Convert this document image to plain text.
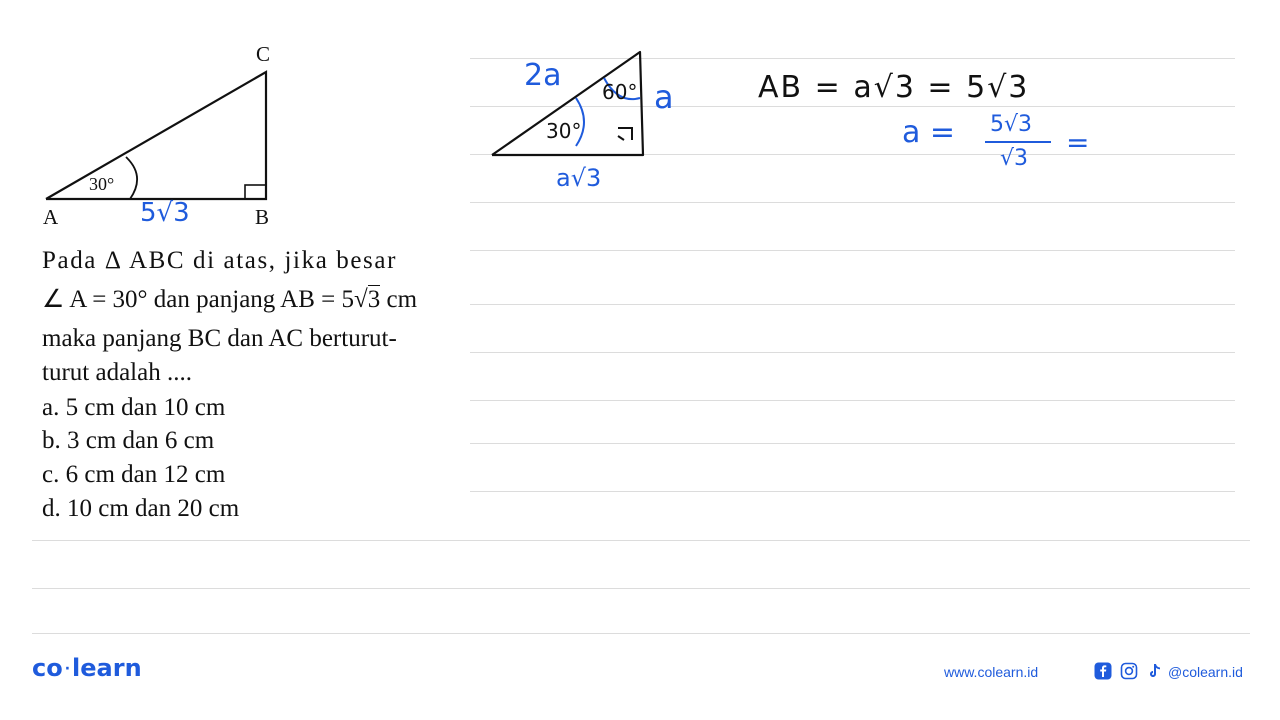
C
A	B
30°
5√3
Pada Δ ABC di atas, jika besar
∠ A = 30° dan panjang AB = 5√3 cm
maka panjang BC dan AC berturut-
turut adalah ....
a. 5 cm dan 10 cm
b. 3 cm dan 6 cm
c. 6 cm dan 12 cm
d. 10 cm dan 20 cm
2a 60° a
30°
a√3
AB = a√3 = 5√3
a = 5√3
√3 =
co ·learn	www.colearn.id	@colearn.id
